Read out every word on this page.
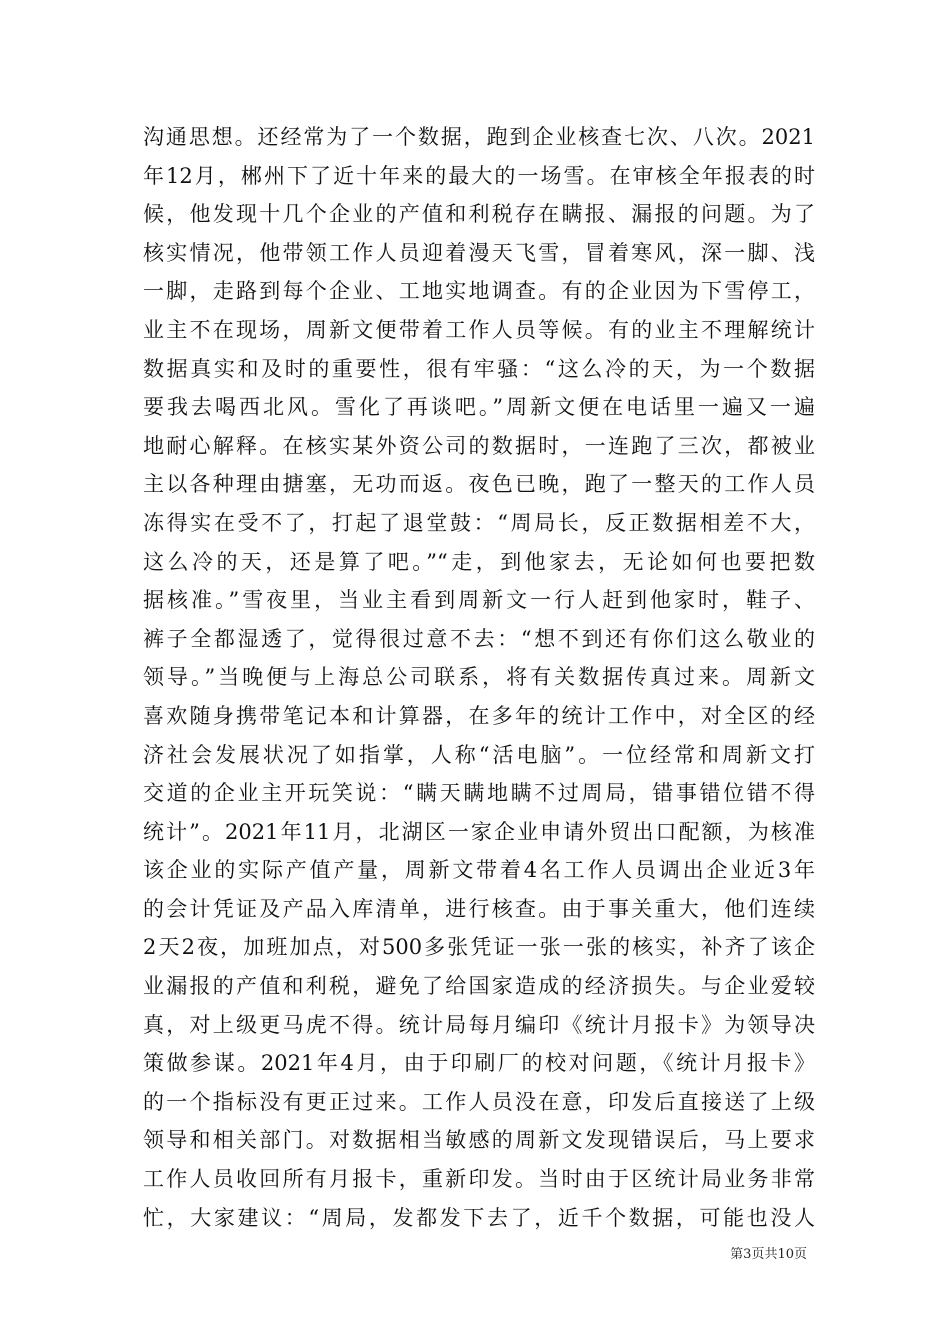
沟通思想。还经常为了一个数据，跑到企业核查七次、八次。2021
年12月，郴州下了近十年来的最大的一场雪。在审核全年报表的时
候，他发现十几个企业的产值和利税存在瞒报、漏报的问题。为了
核实情况，他带领工作人员迎着漫天飞雪，冒着寒风，深一脚、浅
一脚，走路到每个企业、工地实地调查。有的企业因为下雪停工，
业主不在现场，周新文便带着工作人员等候。有的业主不理解统计
数据真实和及时的重要性，很有牢骚：“这么冷的天，为一个数据
要我去喝西北风。雪化了再谈吧。”周新文便在电话里一遍又一遍
地耐心解释。在核实某外资公司的数据时，一连跑了三次，都被业
主以各种理由搪塞，无功而返。夜色已晚，跑了一整天的工作人员
冻得实在受不了，打起了退堂鼓：“周局长，反正数据相差不大，
这么冷的天，还是算了吧。”“走，到他家去，无论如何也要把数
据核准。”雪夜里，当业主看到周新文一行人赶到他家时，鞋子、
裤子全都湿透了，觉得很过意不去：“想不到还有你们这么敬业的
领导。”当晚便与上海总公司联系，将有关数据传真过来。周新文
喜欢随身携带笔记本和计算器，在多年的统计工作中，对全区的经
济社会发展状况了如指掌，人称“活电脑”。一位经常和周新文打
交道的企业主开玩笑说：“瞒天瞒地瞒不过周局，错事错位错不得
统计”。2021年11月，北湖区一家企业申请外贸出口配额，为核准
该企业的实际产值产量，周新文带着4名工作人员调出企业近3年
的会计凭证及产品入库清单，进行核查。由于事关重大，他们连续
2天2夜，加班加点，对500多张凭证一张一张的核实，补齐了该企
业漏报的产值和利税，避免了给国家造成的经济损失。与企业爱较
真，对上级更马虎不得。统计局每月编印《统计月报卡》为领导决
策做参谋。2021年4月，由于印刷厂的校对问题，《统计月报卡》
的一个指标没有更正过来。工作人员没在意，印发后直接送了上级
领导和相关部门。对数据相当敏感的周新文发现错误后，马上要求
工作人员收回所有月报卡，重新印发。当时由于区统计局业务非常
忙，大家建议：“周局，发都发下去了，近千个数据，可能也没人
第3页共10页
